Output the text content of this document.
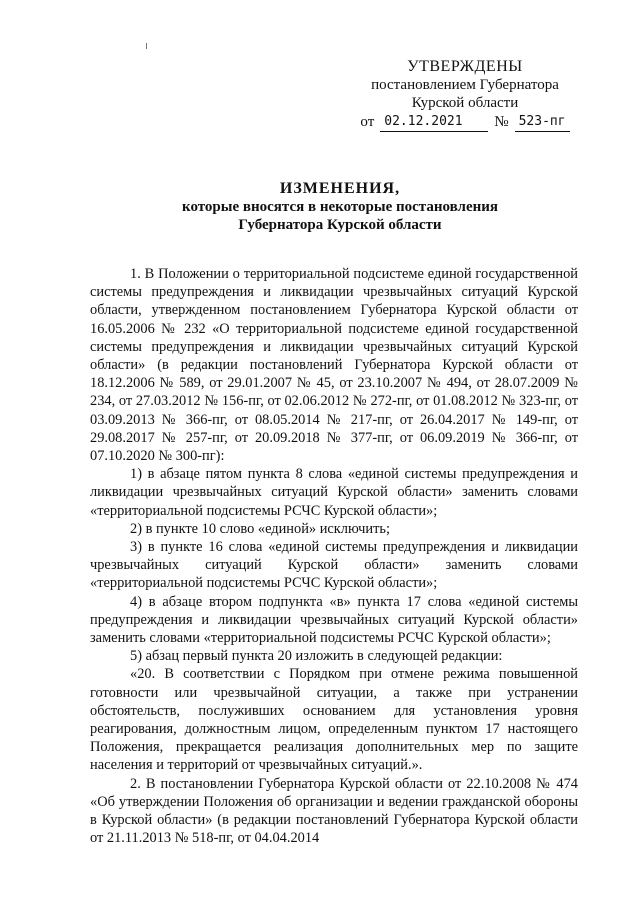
УТВЕРЖДЕНЫ
постановлением Губернатора
Курской области
от 02.12.2021	№ 523-пг
ИЗМЕНЕНИЯ,
которые вносятся в некоторые постановления
Губернатора Курской области

1. В Положении о территориальной подсистеме единой государственной системы предупреждения и ликвидации чрезвычайных ситуаций Курской области, утвержденном постановлением Губернатора Курской области от 16.05.2006 № 232 «О территориальной подсистеме единой государственной системы предупреждения и ликвидации чрезвычайных ситуаций Курской области» (в редакции постановлений Губернатора Курской области от 18.12.2006 № 589, от 29.01.2007 № 45, от 23.10.2007 № 494, от 28.07.2009 № 234, от 27.03.2012 № 156-пг, от 02.06.2012 № 272-пг, от 01.08.2012 № 323-пг, от 03.09.2013 № 366-пг, от 08.05.2014 № 217-пг, от 26.04.2017 № 149-пг, от 29.08.2017 № 257-пг, от 20.09.2018 № 377-пг, от 06.09.2019 № 366-пг, от 07.10.2020 № 300-пг):

1) в абзаце пятом пункта 8 слова «единой системы предупреждения и ликвидации чрезвычайных ситуаций Курской области» заменить словами «территориальной подсистемы РСЧС Курской области»;

2) в пункте 10 слово «единой» исключить;

3) в пункте 16 слова «единой системы предупреждения и ликвидации чрезвычайных ситуаций Курской области» заменить словами «территориальной подсистемы РСЧС Курской области»;

4) в абзаце втором подпункта «в» пункта 17 слова «единой системы предупреждения и ликвидации чрезвычайных ситуаций Курской области» заменить словами «территориальной подсистемы РСЧС Курской области»;

5) абзац первый пункта 20 изложить в следующей редакции:

«20. В соответствии с Порядком при отмене режима повышенной готовности или чрезвычайной ситуации, а также при устранении обстоятельств, послуживших основанием для установления уровня реагирования, должностным лицом, определенным пунктом 17 настоящего Положения, прекращается реализация дополнительных мер по защите населения и территорий от чрезвычайных ситуаций.».

2. В постановлении Губернатора Курской области от 22.10.2008 № 474 «Об утверждении Положения об организации и ведении гражданской обороны в Курской области» (в редакции постановлений Губернатора Курской области от 21.11.2013 № 518-пг, от 04.04.2014
